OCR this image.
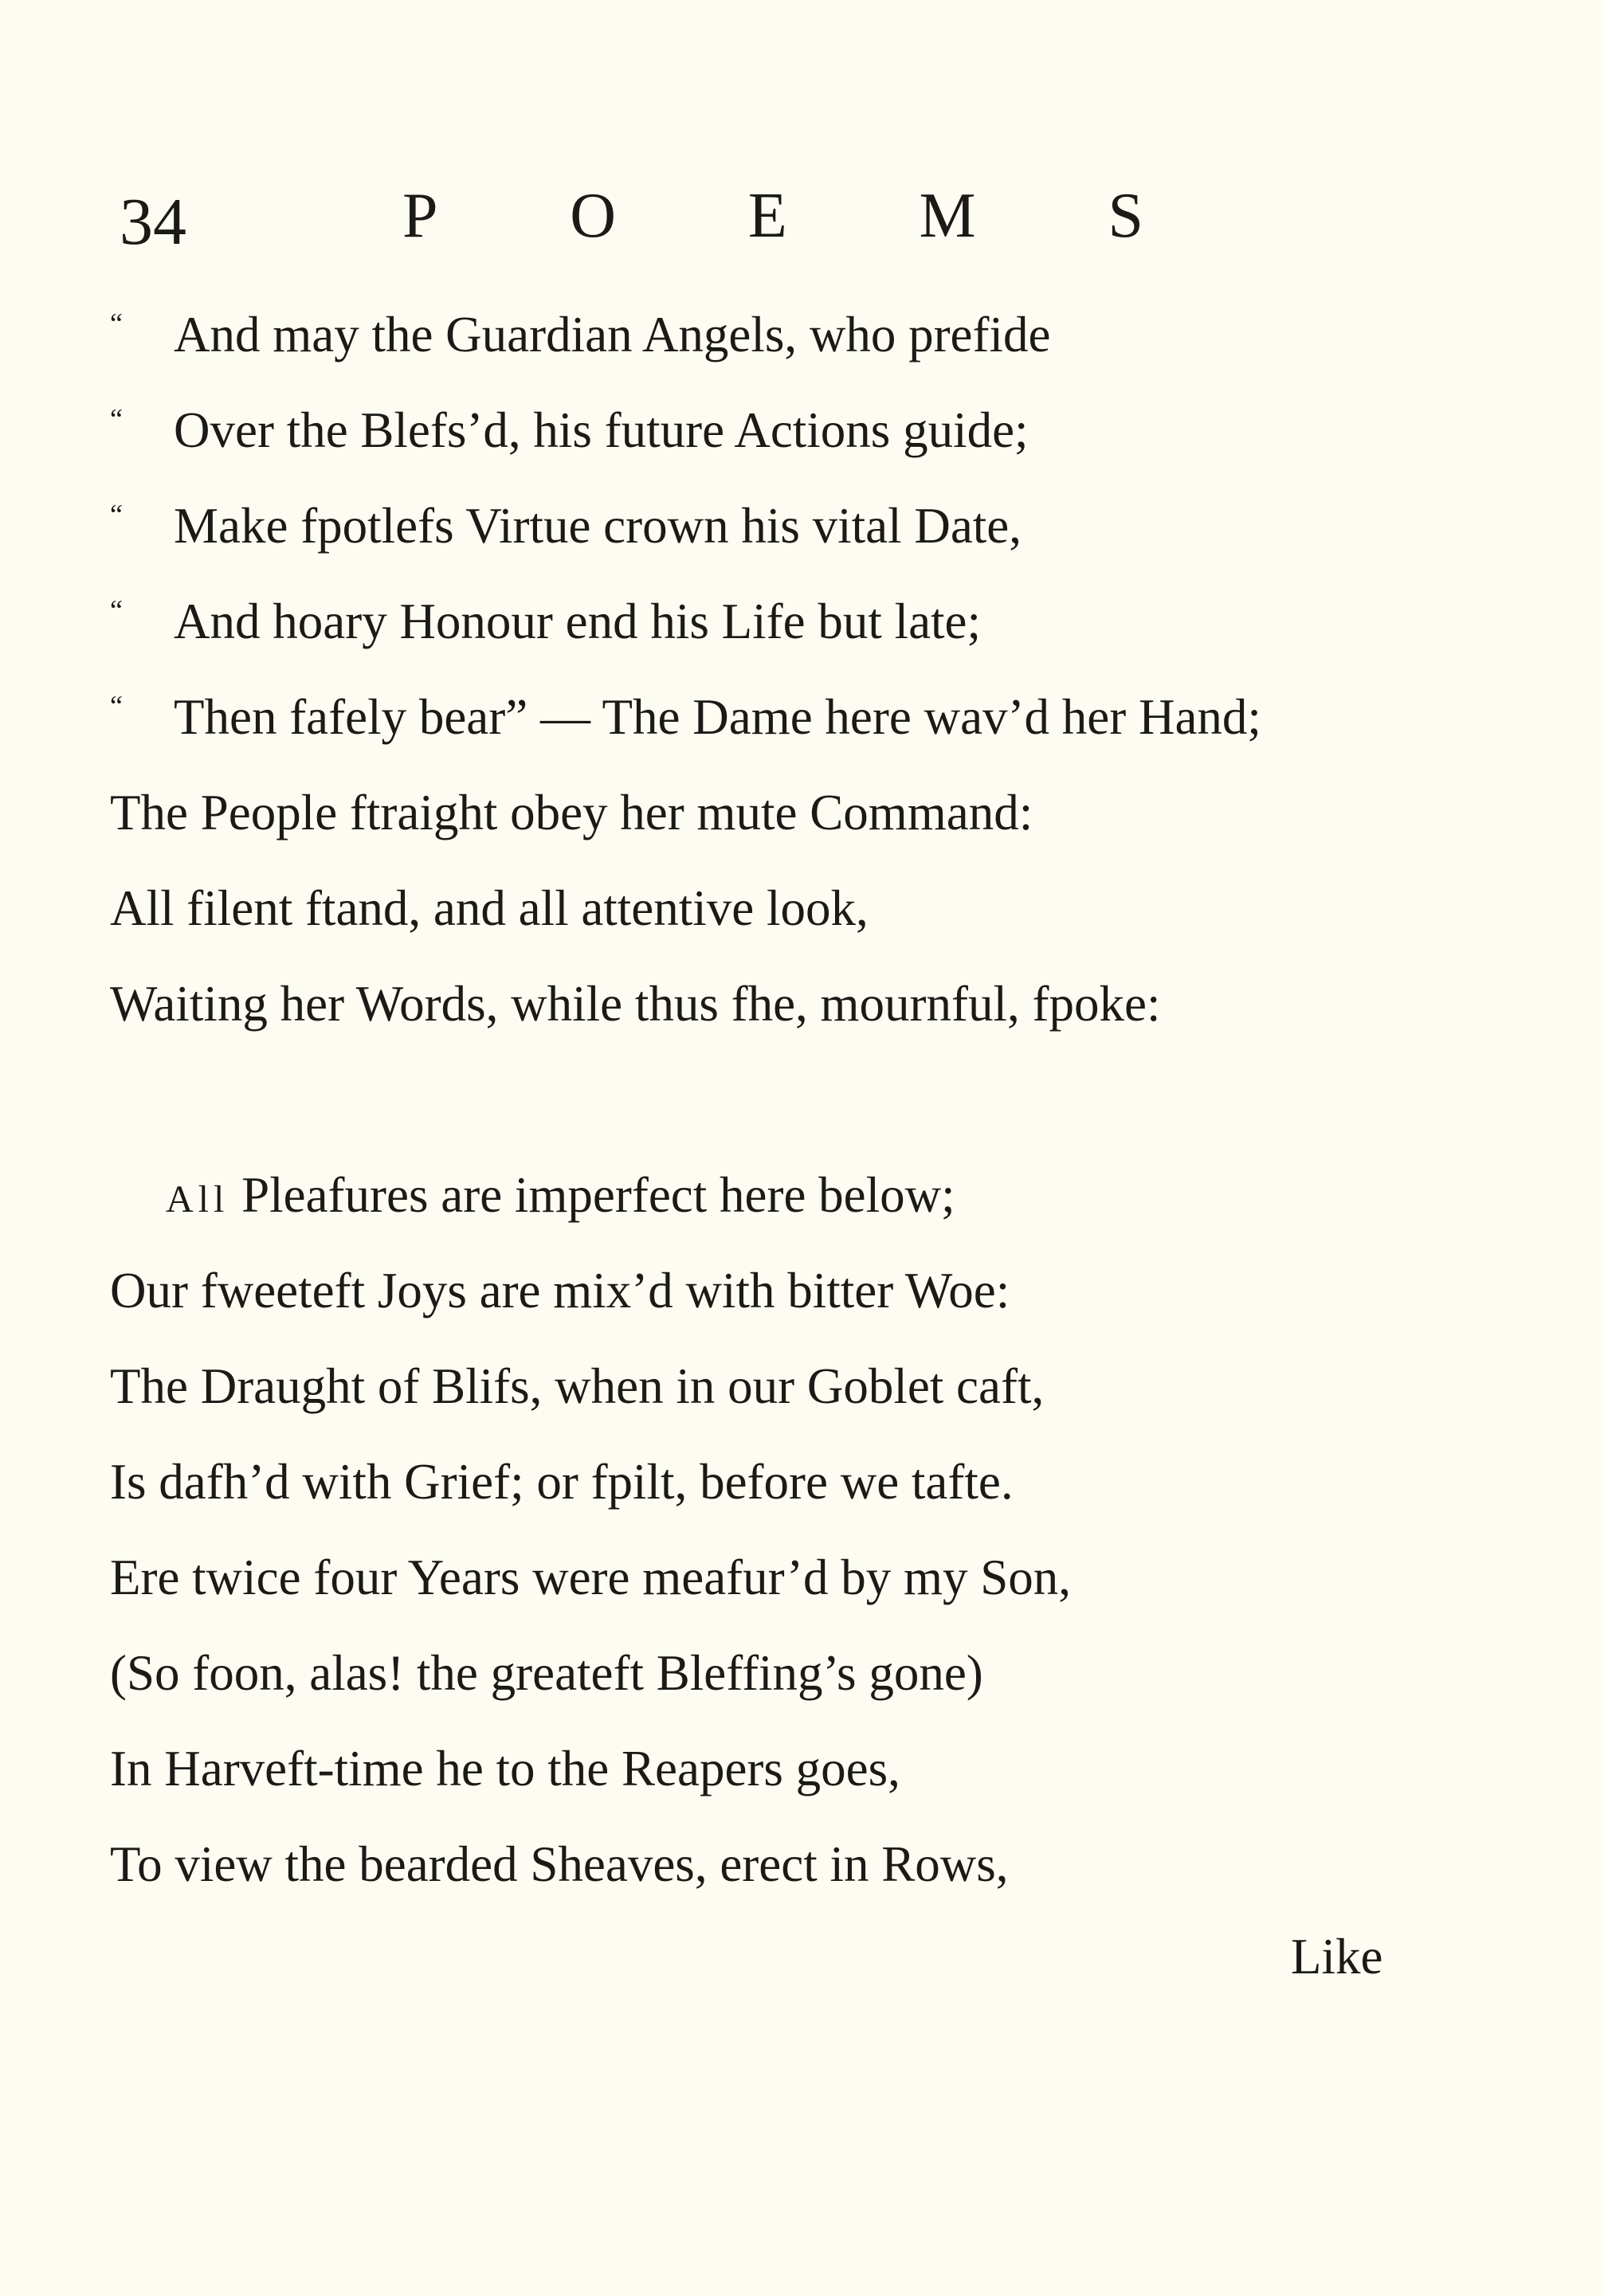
34	P O E M S
“ And may the Guardian Angels, who prefide
“ Over the Blefs’d, his future Actions guide;
“ Make fpotlefs Virtue crown his vital Date,
“ And hoary Honour end his Life but late;
“ Then fafely bear” — The Dame here wav’d her Hand;
The People ftraight obey her mute Command:
All filent ftand, and all attentive look,
Waiting her Words, while thus fhe, mournful, fpoke:
All Pleafures are imperfect here below;
Our fweeteft Joys are mix’d with bitter Woe:
The Draught of Blifs, when in our Goblet caft,
Is dafh’d with Grief; or fpilt, before we tafte.
Ere twice four Years were meafur’d by my Son,
(So foon, alas! the greateft Bleffing’s gone)
In Harveft-time he to the Reapers goes,
To view the bearded Sheaves, erect in Rows,
Like
